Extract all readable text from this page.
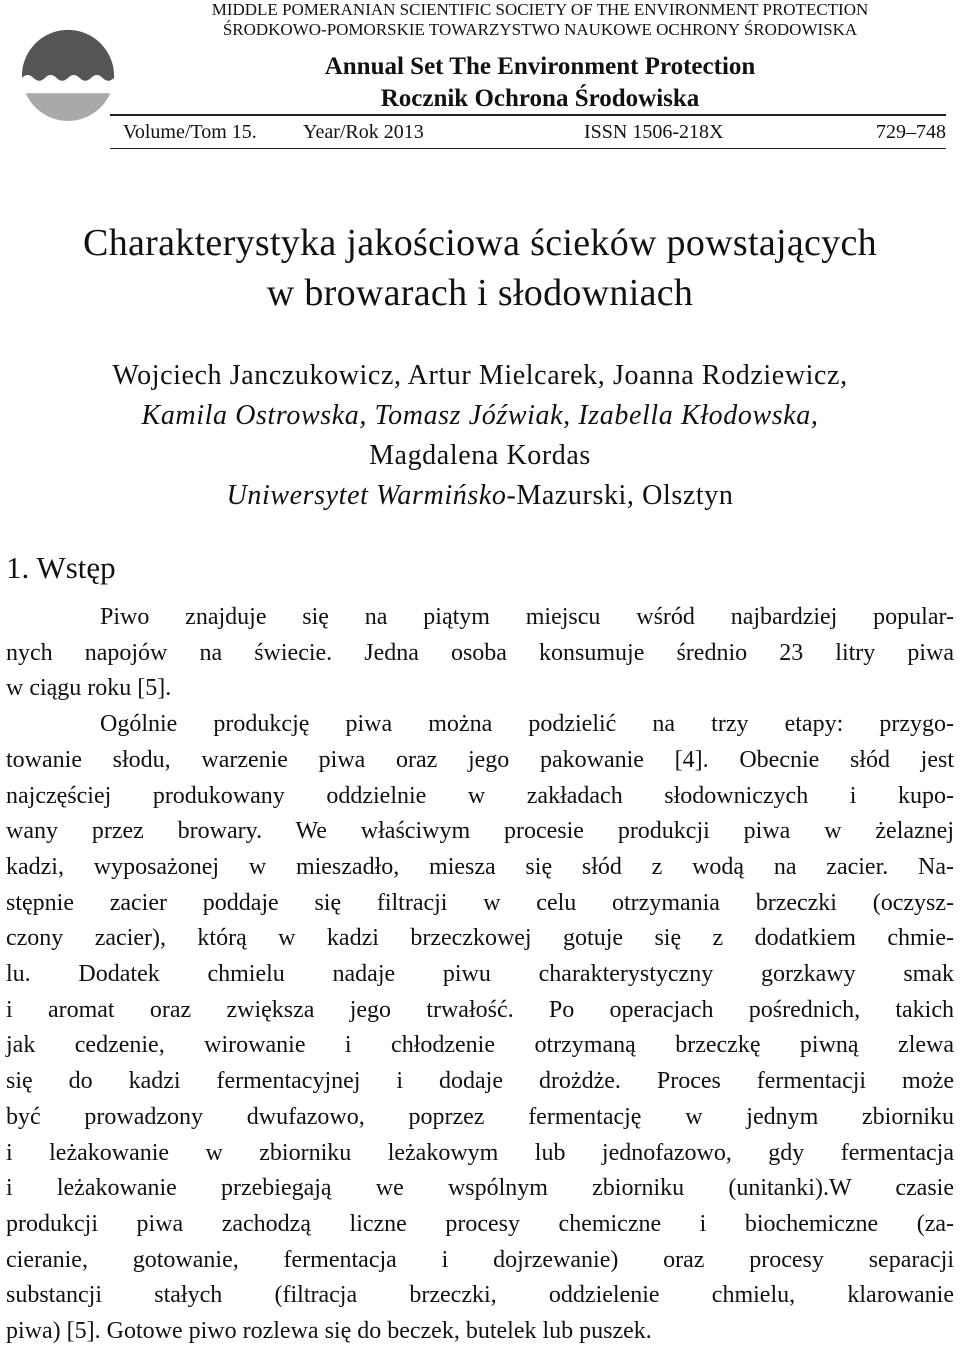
MIDDLE POMERANIAN SCIENTIFIC SOCIETY OF THE ENVIRONMENT PROTECTION
ŚRODKOWO-POMORSKIE TOWARZYSTWO NAUKOWE OCHRONY ŚRODOWISKA
Annual Set The Environment Protection
Rocznik Ochrona Środowiska
Volume/Tom 15. Year/Rok 2013	ISSN 1506-218X	729–748
Charakterystyka jakościowa ścieków powstających
w browarach i słodowniach
Wojciech Janczukowicz, Artur Mielcarek, Joanna Rodziewicz,
Kamila Ostrowska, Tomasz Jóźwiak, Izabella Kłodowska,
Magdalena Kordas
Uniwersytet Warmińsko-Mazurski, Olsztyn
1. Wstęp
Piwo znajduje się na piątym miejscu wśród najbardziej popular-
nych napojów na świecie. Jedna osoba konsumuje średnio 23 litry piwa
w ciągu roku [5].
Ogólnie produkcję piwa można podzielić na trzy etapy: przygo-
towanie słodu, warzenie piwa oraz jego pakowanie [4]. Obecnie słód jest
najczęściej produkowany oddzielnie w zakładach słodowniczych i kupo-
wany przez browary. We właściwym procesie produkcji piwa w żelaznej
kadzi, wyposażonej w mieszadło, miesza się słód z wodą na zacier. Na-
stępnie zacier poddaje się filtracji w celu otrzymania brzeczki (oczysz-
czony zacier), którą w kadzi brzeczkowej gotuje się z dodatkiem chmie-
lu. Dodatek chmielu nadaje piwu charakterystyczny gorzkawy smak
i aromat oraz zwiększa jego trwałość. Po operacjach pośrednich, takich
jak cedzenie, wirowanie i chłodzenie otrzymaną brzeczkę piwną zlewa
się do kadzi fermentacyjnej i dodaje drożdże. Proces fermentacji może
być prowadzony dwufazowo, poprzez fermentację w jednym zbiorniku
i leżakowanie w zbiorniku leżakowym lub jednofazowo, gdy fermentacja
i leżakowanie przebiegają we wspólnym zbiorniku (unitanki).W czasie
produkcji piwa zachodzą liczne procesy chemiczne i biochemiczne (za-
cieranie, gotowanie, fermentacja i dojrzewanie) oraz procesy separacji
substancji stałych (filtracja brzeczki, oddzielenie chmielu, klarowanie
piwa) [5]. Gotowe piwo rozlewa się do beczek, butelek lub puszek.
